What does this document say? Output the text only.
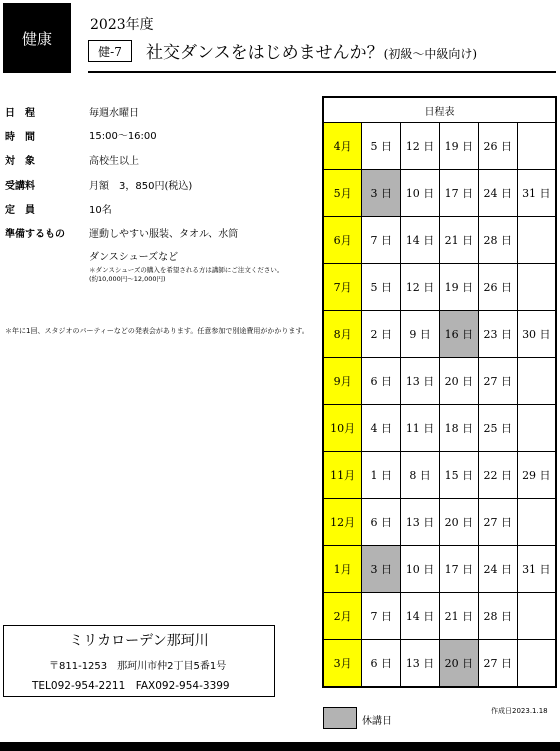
健康
2023年度
健-7	社交ダンスをはじめませんか？(初級～中級向け)
日　程	毎週水曜日
時　間	15:00～16:00
対　象	高校生以上
受講料	月額　3，850円(税込)
定　員	10名
準備するもの 運動しやすい服装、タオル、水筒
ダンスシューズなど
＊ダンスシューズの購入を希望される方は講師にご注文ください。
(約10,000円～12,000円)
＊年に1回、スタジオのパーティーなどの発表会があります。任意参加で別途費用がかかります。
ミリカローデン那珂川
〒811-1253　那珂川市仲2丁目5番1号
TEL092-954-2211　FAX092-954-3399
日程表					
4月	5 日	12 日	19 日	26 日	
5月	3 日	10 日	17 日	24 日	31 日
6月	7 日	14 日	21 日	28 日	
7月	5 日	12 日	19 日	26 日	
8月	2 日	9 日	16 日	23 日	30 日
9月	6 日	13 日	20 日	27 日	
10月	4 日	11 日	18 日	25 日	
11月	1 日	8 日	15 日	22 日	29 日
12月	6 日	13 日	20 日	27 日	
1月	3 日	10 日	17 日	24 日	31 日
2月	7 日	14 日	21 日	28 日	
3月	6 日	13 日	20 日	27 日	
休講日
作成日2023.1.18
